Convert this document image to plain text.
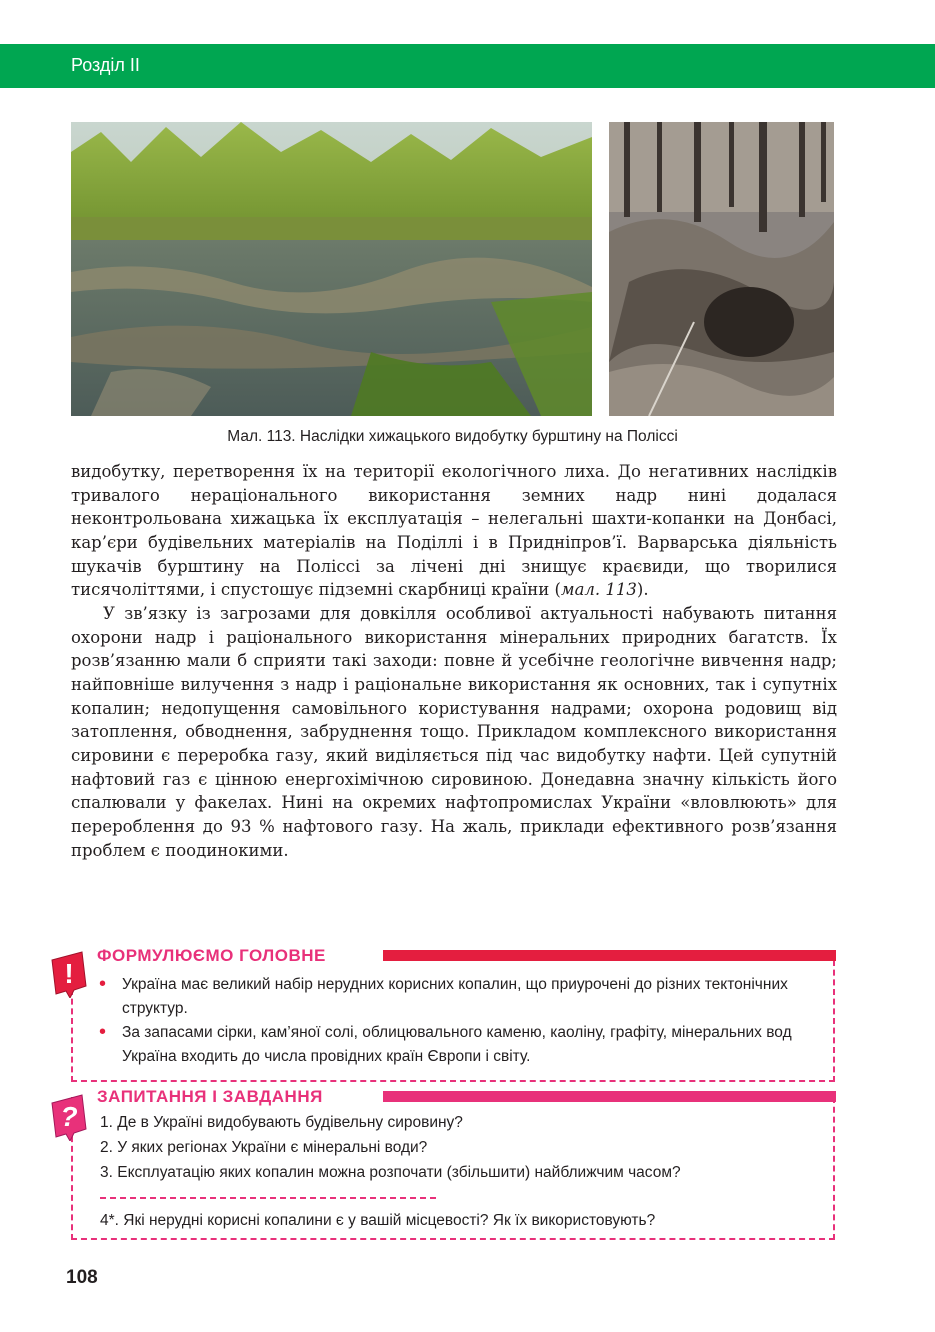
Розділ ІІ
Мал. 113. Наслідки хижацького видобутку бурштину на Поліссі

видобутку, перетворення їх на території екологічного лиха. До негативних наслідків тривалого нераціонального використання земних надр нині додалася неконтрольована хижацька їх експлуатація – нелегальні шахти-копанки на Донбасі, кар’єри будівельних матеріалів на Поділлі і в Придніпров’ї. Варварська діяльність шукачів бурштину на Поліссі за лічені дні знищує краєвиди, що творилися тисячоліттями, і спустошує підземні скарбниці країни (мал. 113).

У зв’язку із загрозами для довкілля особливої актуальності набувають питання охорони надр і раціонального використання мінеральних природних багатств. Їх розв’язанню мали б сприяти такі заходи: повне й усебічне геологічне вивчення надр; найповніше вилучення з надр і раціональне використання як основних, так і супутніх копалин; недопущення самовільного користування надрами; охорона родовищ від затоплення, обводнення, забруднення тощо. Прикладом комплексного використання сировини є переробка газу, який виділяється під час видобутку нафти. Цей супутній нафтовий газ є цінною енергохімічною сировиною. Донедавна значну кількість його спалювали у факелах. Нині на окремих нафтопромислах України «вловлюють» для перероблення до 93 % нафтового газу. На жаль, приклади ефективного розв’язання проблем є поодинокими.

ФОРМУЛЮЄМО ГОЛОВНЕ
! • Україна має великий набір нерудних корисних копалин, що приурочені до різних тектонічних структур.
• За запасами сірки, кам’яної солі, облицювального каменю, каоліну, графіту, мінеральних вод Україна входить до числа провідних країн Європи і світу.
ЗАПИТАННЯ І ЗАВДАННЯ
? 1. Де в Україні видобувають будівельну сировину?
2. У яких регіонах України є мінеральні води?
3. Експлуатацію яких копалин можна розпочати (збільшити) найближчим часом?
4*. Які нерудні корисні копалини є у вашій місцевості? Як їх використовують?
108
